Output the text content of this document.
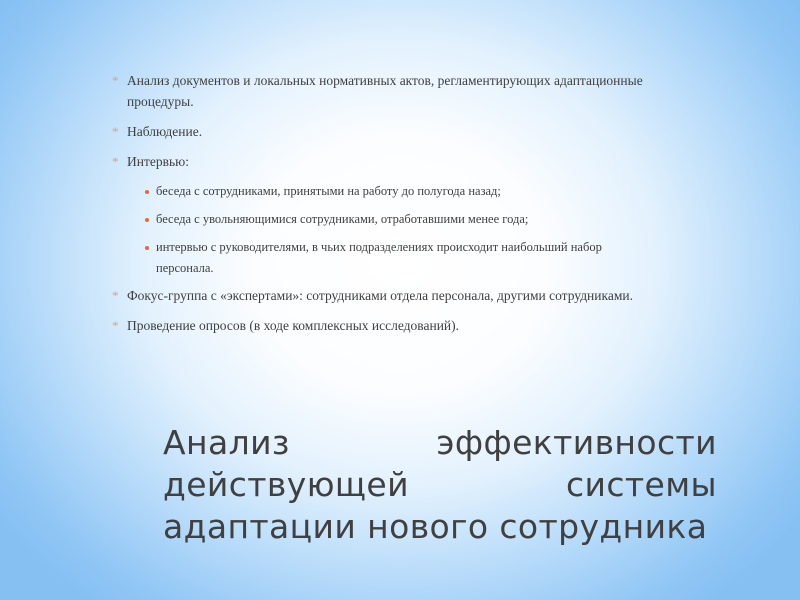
* Анализ документов и локальных нормативных актов, регламентирующих адаптационные процедуры.
* Наблюдение.
* Интервью:
беседа с сотрудниками, принятыми на работу до полугода назад;
беседа с увольняющимися сотрудниками, отработавшими менее года;
интервью с руководителями, в чьих подразделениях происходит наибольший набор персонала.
* Фокус-группа с «экспертами»: сотрудниками отдела персонала, другими сотрудниками.
* Проведение опросов (в ходе комплексных исследований).
Анализ эффективности действующей системы адаптации нового сотрудника
